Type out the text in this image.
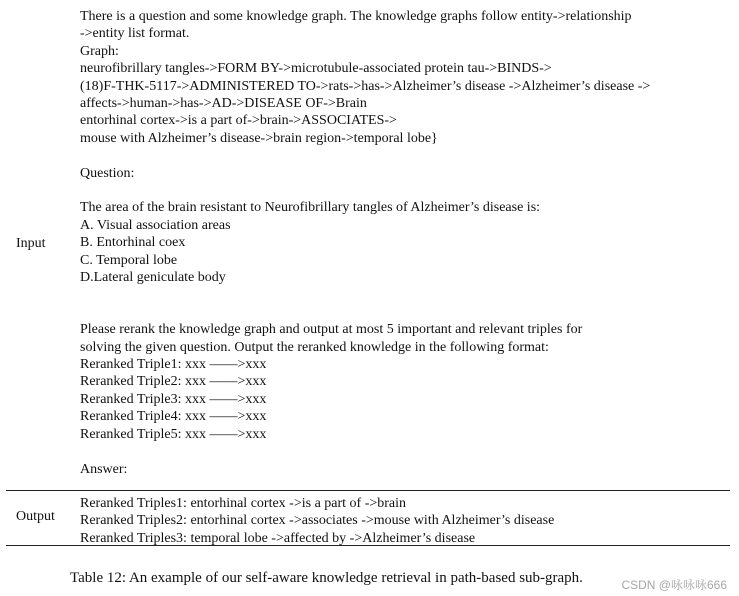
Input
There is a question and some knowledge graph. The knowledge graphs follow entity->relationship
->entity list format.
Graph:
neurofibrillary tangles->FORM BY->microtubule-associated protein tau->BINDS->
(18)F-THK-5117->ADMINISTERED TO->rats->has->Alzheimer’s disease ->Alzheimer’s disease ->
affects->human->has->AD->DISEASE OF->Brain
entorhinal cortex->is a part of->brain->ASSOCIATES->
mouse with Alzheimer’s disease->brain region->temporal lobe}
Question:
The area of the brain resistant to Neurofibrillary tangles of Alzheimer’s disease is:
A. Visual association areas
B. Entorhinal coex
C. Temporal lobe
D.Lateral geniculate body
Please rerank the knowledge graph and output at most 5 important and relevant triples for
solving the given question. Output the reranked knowledge in the following format:
Reranked Triple1: xxx ——>xxx
Reranked Triple2: xxx ——>xxx
Reranked Triple3: xxx ——>xxx
Reranked Triple4: xxx ——>xxx
Reranked Triple5: xxx ——>xxx
Answer:
Output
Reranked Triples1: entorhinal cortex ->is a part of ->brain
Reranked Triples2: entorhinal cortex ->associates ->mouse with Alzheimer’s disease
Reranked Triples3: temporal lobe ->affected by ->Alzheimer’s disease
Table 12: An example of our self-aware knowledge retrieval in path-based sub-graph.	CSDN @咏咏咏666
